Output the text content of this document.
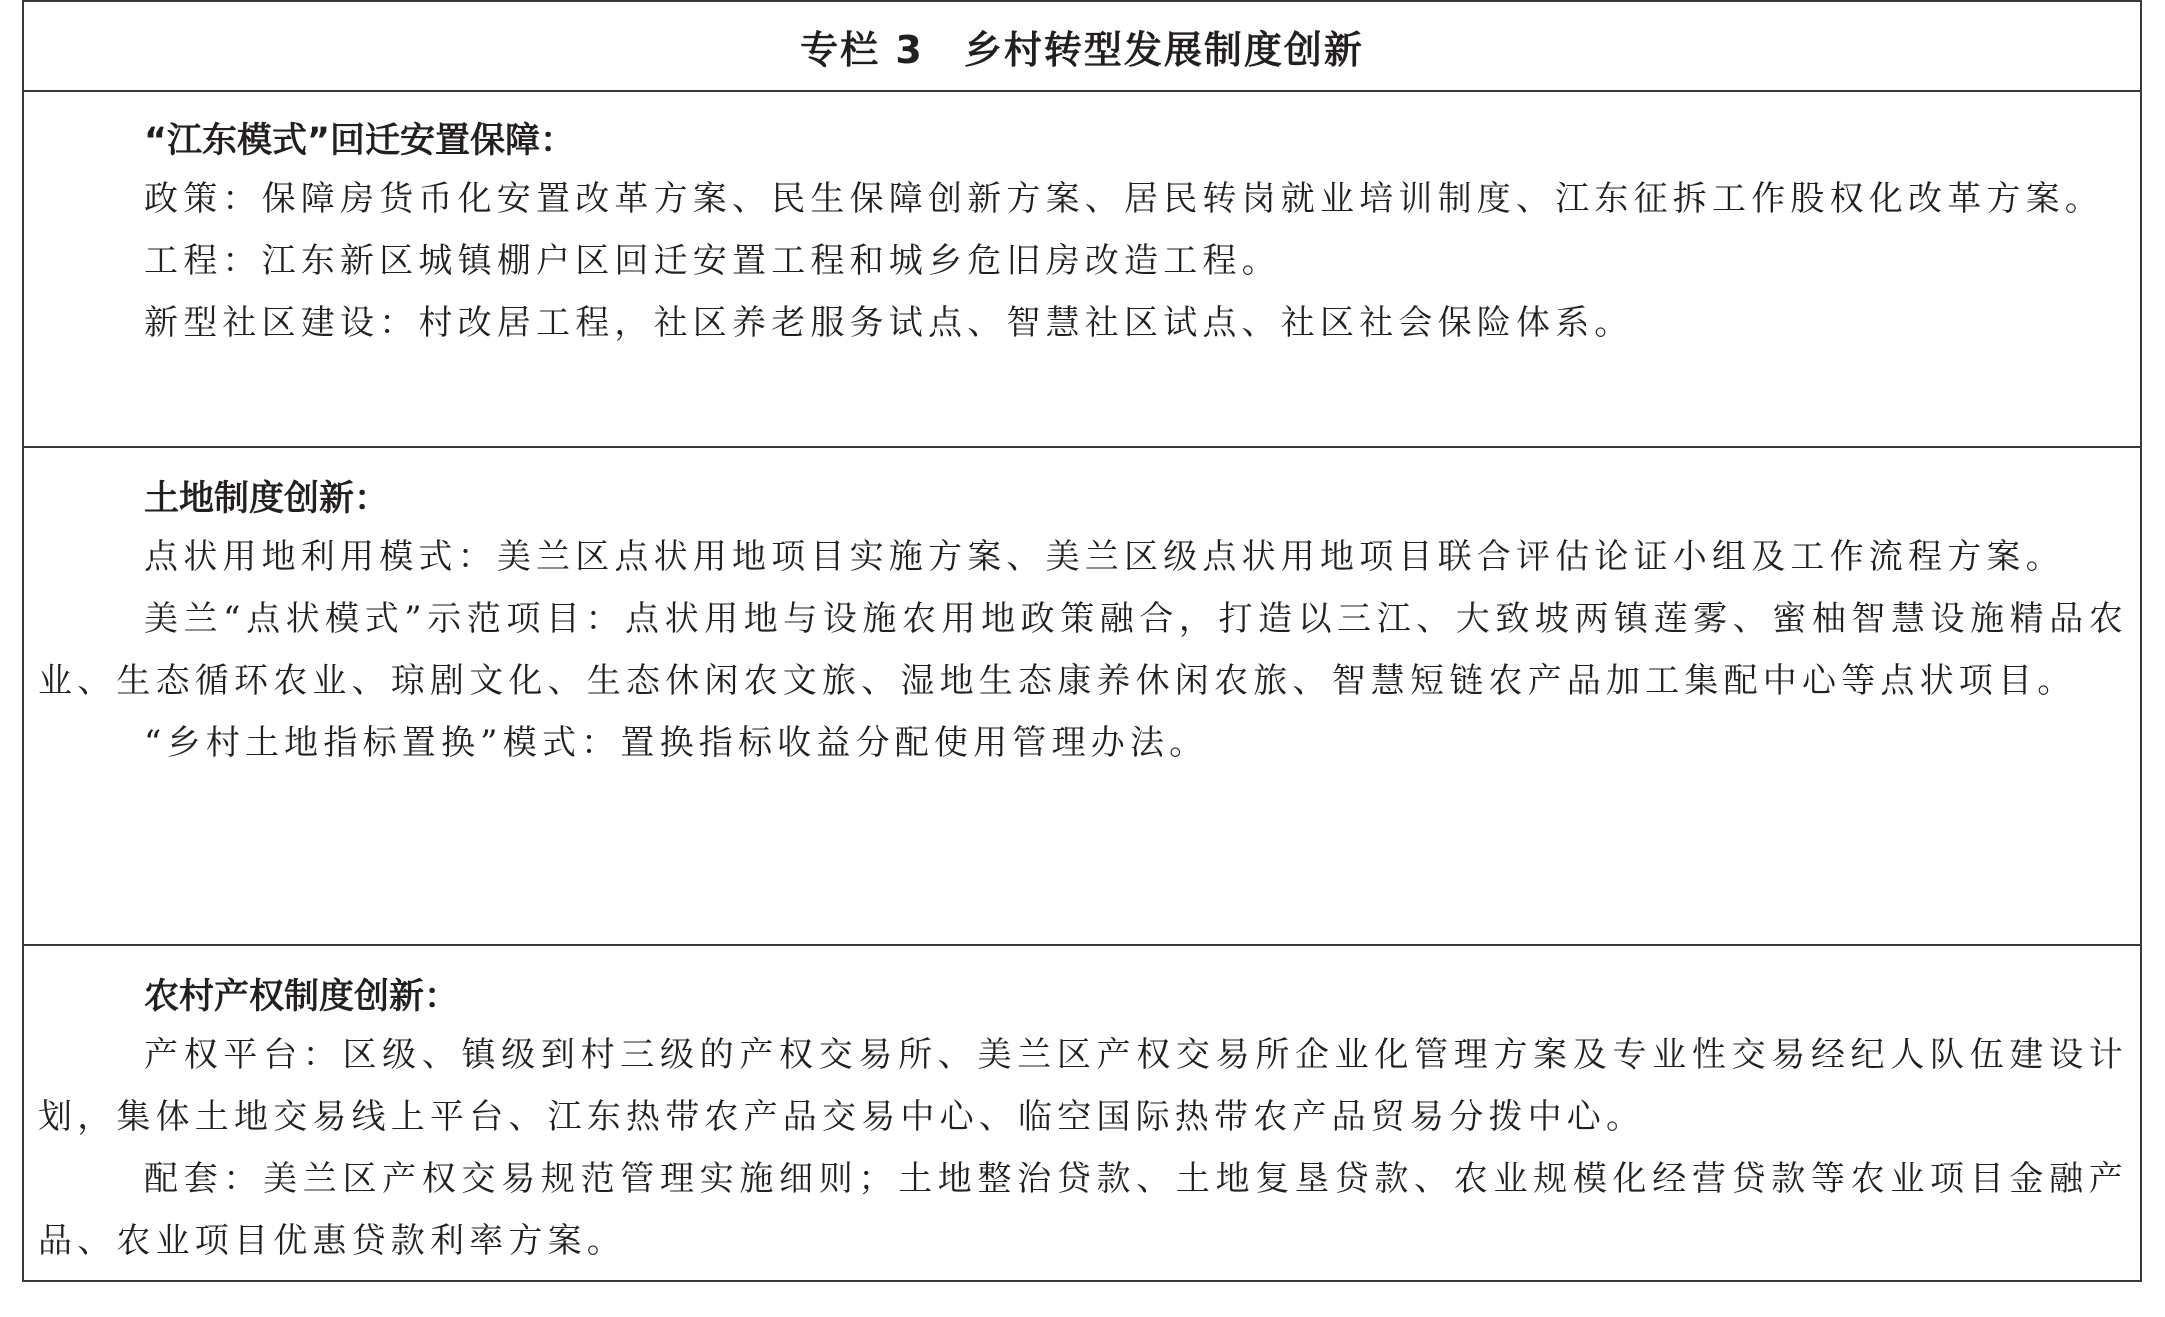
专栏 3 乡村转型发展制度创新
“江东模式”回迁安置保障：

政策：保障房货币化安置改革方案、民生保障创新方案、居民转岗就业培训制度、江东征拆工作股权化改革方案。

工程：江东新区城镇棚户区回迁安置工程和城乡危旧房改造工程。

新型社区建设：村改居工程，社区养老服务试点、智慧社区试点、社区社会保险体系。

土地制度创新：

点状用地利用模式：美兰区点状用地项目实施方案、美兰区级点状用地项目联合评估论证小组及工作流程方案。

美兰“点状模式”示范项目：点状用地与设施农用地政策融合，打造以三江、大致坡两镇莲雾、蜜柚智慧设施精品农业、生态循环农业、琼剧文化、生态休闲农文旅、湿地生态康养休闲农旅、智慧短链农产品加工集配中心等点状项目。

“乡村土地指标置换”模式：置换指标收益分配使用管理办法。

农村产权制度创新：

产权平台：区级、镇级到村三级的产权交易所、美兰区产权交易所企业化管理方案及专业性交易经纪人队伍建设计划，集体土地交易线上平台、江东热带农产品交易中心、临空国际热带农产品贸易分拨中心。

配套：美兰区产权交易规范管理实施细则；土地整治贷款、土地复垦贷款、农业规模化经营贷款等农业项目金融产品、农业项目优惠贷款利率方案。
